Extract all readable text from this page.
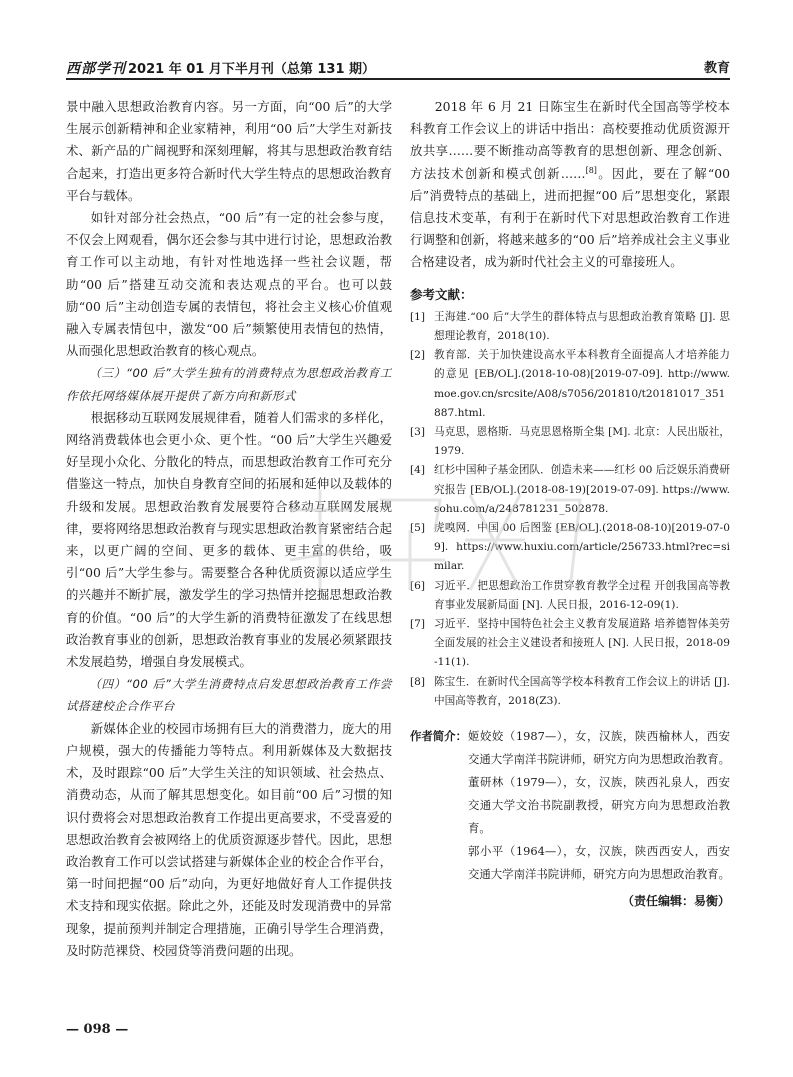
西部学刊 2021 年 01 月下半月刊（总第 131 期）	教育

景中融入思想政治教育内容。另一方面，向“00 后”的大学生展示创新精神和企业家精神，利用“00 后”大学生对新技术、新产品的广阔视野和深刻理解，将其与思想政治教育结合起来，打造出更多符合新时代大学生特点的思想政治教育平台与载体。

如针对部分社会热点，“00 后”有一定的社会参与度，不仅会上网观看，偶尔还会参与其中进行讨论，思想政治教育工作可以主动地，有针对性地选择一些社会议题，帮助“00 后”搭建互动交流和表达观点的平台。也可以鼓励“00 后”主动创造专属的表情包，将社会主义核心价值观融入专属表情包中，激发“00 后”频繁使用表情包的热情，从而强化思想政治教育的核心观点。

（三）“00 后”大学生独有的消费特点为思想政治教育工作依托网络媒体展开提供了新方向和新形式

根据移动互联网发展规律看，随着人们需求的多样化，网络消费载体也会更小众、更个性。“00 后”大学生兴趣爱好呈现小众化、分散化的特点，而思想政治教育工作可充分借鉴这一特点，加快自身教育空间的拓展和延伸以及载体的升级和发展。思想政治教育发展要符合移动互联网发展规律，要将网络思想政治教育与现实思想政治教育紧密结合起来，以更广阔的空间、更多的载体、更丰富的供给，吸引“00 后”大学生参与。需要整合各种优质资源以适应学生的兴趣并不断扩展，激发学生的学习热情并挖掘思想政治教育的价值。“00 后”的大学生新的消费特征激发了在线思想政治教育事业的创新，思想政治教育事业的发展必须紧跟技术发展趋势，增强自身发展模式。

（四）“00 后”大学生消费特点启发思想政治教育工作尝试搭建校企合作平台

新媒体企业的校园市场拥有巨大的消费潜力，庞大的用户规模，强大的传播能力等特点。利用新媒体及大数据技术，及时跟踪“00 后”大学生关注的知识领域、社会热点、消费动态，从而了解其思想变化。如目前“00 后”习惯的知识付费将会对思想政治教育工作提出更高要求，不受喜爱的思想政治教育会被网络上的优质资源逐步替代。因此，思想政治教育工作可以尝试搭建与新媒体企业的校企合作平台，第一时间把握“00 后”动向，为更好地做好育人工作提供技术支持和现实依据。除此之外，还能及时发现消费中的异常现象，提前预判并制定合理措施，正确引导学生合理消费，及时防范裸贷、校园贷等消费问题的出现。

2018 年 6 月 21 日陈宝生在新时代全国高等学校本科教育工作会议上的讲话中指出：高校要推动优质资源开放共享……要不断推动高等教育的思想创新、理念创新、方法技术创新和模式创新……[8]。因此，要在了解“00 后”消费特点的基础上，进而把握“00 后”思想变化，紧跟信息技术变革，有利于在新时代下对思想政治教育工作进行调整和创新，将越来越多的“00 后”培养成社会主义事业合格建设者，成为新时代社会主义的可靠接班人。

参考文献：
[1] 王海建.“00 后”大学生的群体特点与思想政治教育策略 [J]. 思想理论教育，2018(10).
[2] 教育部．关于加快建设高水平本科教育全面提高人才培养能力的意见 [EB/OL].(2018-10-08)[2019-07-09]. http://www.moe.gov.cn/srcsite/A08/s7056/201810/t20181017_351887.html.
[3] 马克思，恩格斯．马克思恩格斯全集 [M]. 北京：人民出版社，1979.
[4] 红杉中国种子基金团队．创造未来——红杉 00 后泛娱乐消费研究报告 [EB/OL].(2018-08-19)[2019-07-09]. https://www.sohu.com/a/248781231_502878.
[5] 虎嗅网．中国 00 后图鉴 [EB/OL].(2018-08-10)[2019-07-09]. https://www.huxiu.com/article/256733.html?rec=similar.
[6] 习近平．把思想政治工作贯穿教育教学全过程 开创我国高等教育事业发展新局面 [N]. 人民日报，2016-12-09(1).
[7] 习近平．坚持中国特色社会主义教育发展道路 培养德智体美劳全面发展的社会主义建设者和接班人 [N]. 人民日报，2018-09-11(1).
[8] 陈宝生．在新时代全国高等学校本科教育工作会议上的讲话 [J]. 中国高等教育，2018(Z3).
作者简介： 姬姣姣（1987—），女，汉族，陕西榆林人，西安交通大学南洋书院讲师，研究方向为思想政治教育。
董研林（1979—），女，汉族，陕西礼泉人，西安交通大学文治书院副教授，研究方向为思想政治教育。
郭小平（1964—），女，汉族，陕西西安人，西安交通大学南洋书院讲师，研究方向为思想政治教育。
（责任编辑：易衡）
— 098 —
